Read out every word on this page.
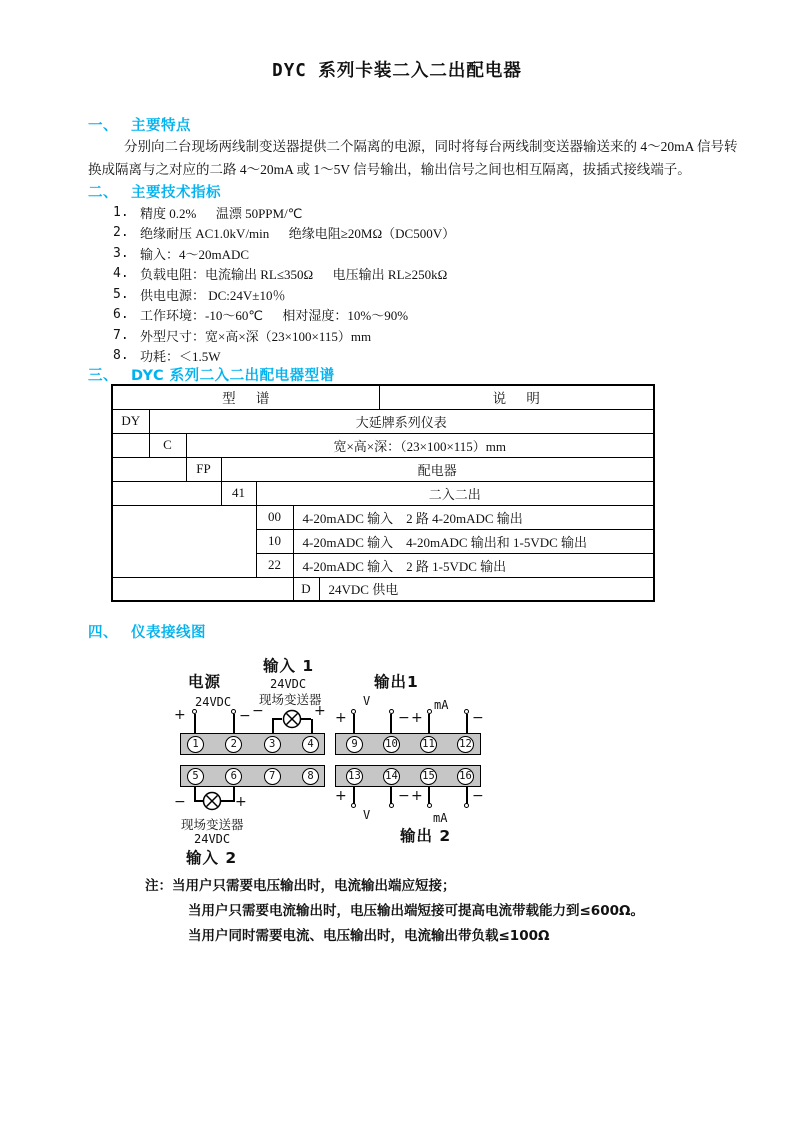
DYC 系列卡装二入二出配电器
一、 主要特点
分别向二台现场两线制变送器提供二个隔离的电源，同时将每台两线制变送器输送来的 4～20mA 信号转换成隔离与之对应的二路 4～20mA 或 1～5V 信号输出，输出信号之间也相互隔离，拔插式接线端子。
二、 主要技术指标
1. 精度 0.2%      温漂 50PPM/℃
2. 绝缘耐压 AC1.0kV/min      绝缘电阻≥20MΩ（DC500V）
3. 输入：4～20mADC
4. 负载电阻：电流输出 RL≤350Ω      电压输出 RL≥250kΩ
5. 供电电源： DC:24V±10％
6. 工作环境：-10～60℃      相对湿度：10%～90%
7. 外型尺寸：宽×高×深（23×100×115）mm
8. 功耗：＜1.5W
三、 DYC 系列二入二出配电器型谱
型      谱							说      明
DY	大延牌系列仪表						
	C	宽×高×深：（23×100×115）mm					
		FP	配电器				
			41	二入二出			
				00	4-20mADC 输入    2 路 4-20mADC 输出		
				10	4-20mADC 输入    4-20mADC 输出和 1-5VDC 输出		
				22	4-20mADC 输入    2 路 1-5VDC 输出		
					D	24VDC 供电	
四、 仪表接线图
电源
24VDC
输入 1
24VDC
现场变送器
输出1
+	− −	+ +
V
− +
mA
−
1	2	3	4	9	10 11 12
5	6	7	8	13 14 15 16
−	+
现场变送器
24VDC
输入 2
+
V
− +
mA
−
输出 2
注：当用户只需要电压输出时，电流输出端应短接；
当用户只需要电流输出时，电压输出端短接可提高电流带载能力到≤600Ω。
当用户同时需要电流、电压输出时，电流输出带负载≤100Ω
